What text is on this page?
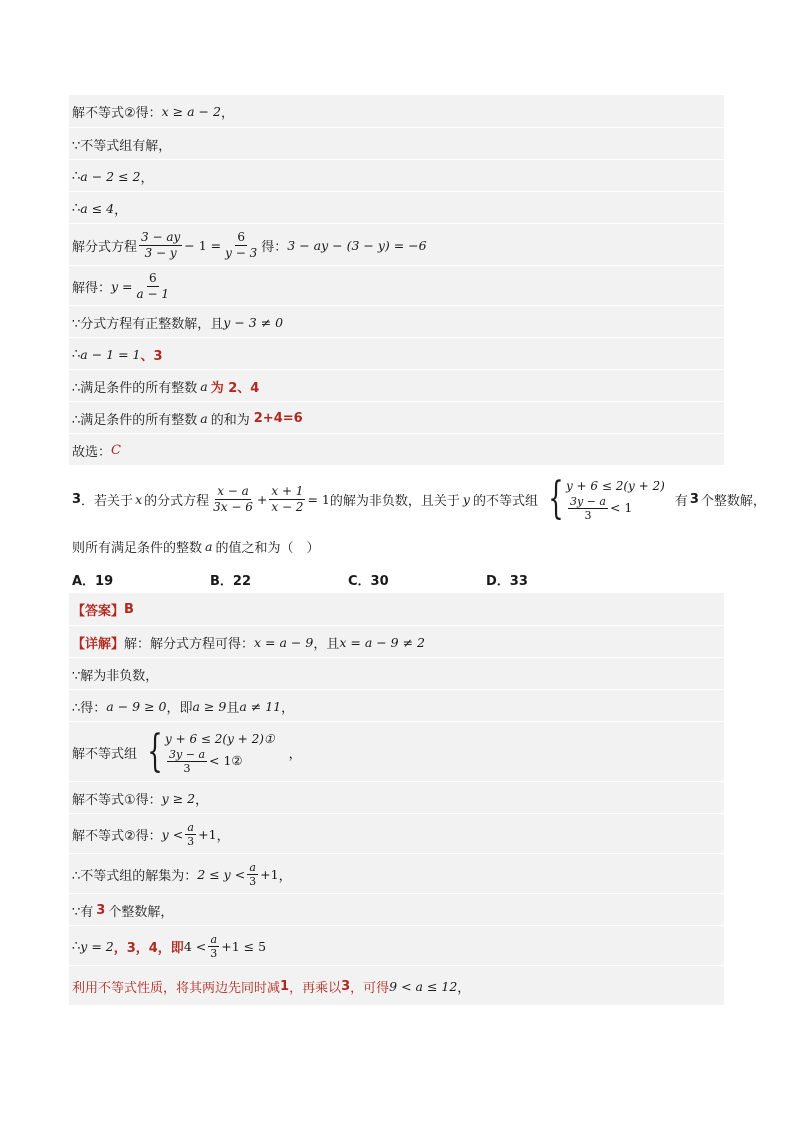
解不等式②得： x ≥ a − 2 ，
∵不等式组有解，
∴ a − 2 ≤ 2 ，
∴ a ≤ 4 ，
解分式方程 $\frac{3 - ay}{3 - y} - 1 = \frac{6}{y - 3}$ 得： 3 − ay − (3 − y) = −6
解得： $y = \frac{6}{a - 1}$
∵分式方程有正整数解，且 y − 3 ≠ 0
∴ a − 1 = 1 、3
∴满足条件的所有整数 a 为 2、4
∴满足条件的所有整数 a 的和为 2+4=6
故选： C
3 ．若关于 x 的分式方程 $\frac{x - a}{3x - 6} + \frac{x + 1}{x - 2} = 1$ 的解为非负数，且关于 y 的不等式组 { y + 6 ≤ 2(y + 2)
$\frac{3y - a}{3} < 1$	有 3 个整数解，
则所有满足条件的整数 a 的值之和为（　）
A．19	B．22	C．30	D．33
【答案】 B
【详解】 解：解分式方程可得： x = a − 9 ，且 x = a − 9 ≠ 2
∵解为非负数，
∴得： a − 9 ≥ 0 ，即 a ≥ 9 且 a ≠ 11 ，
解不等式组 { y + 6 ≤ 2(y + 2)①
$\frac{3y - a}{3}$ < 1②	，
解不等式①得： y ≥ 2 ，
解不等式②得： $y < \frac{a}{3} +1$ ，
∴不等式组的解集为： $2 \le y < \frac{a}{3} +1$ ，
∵有 3 个整数解，
∴ y = 2 ，3，4，即 $4 < \frac{a}{3} +1 \le 5$
利用不等式性质，将其两边先同时减 1 ，再乘以 3 ，可得 9 < a ≤ 12 ，
